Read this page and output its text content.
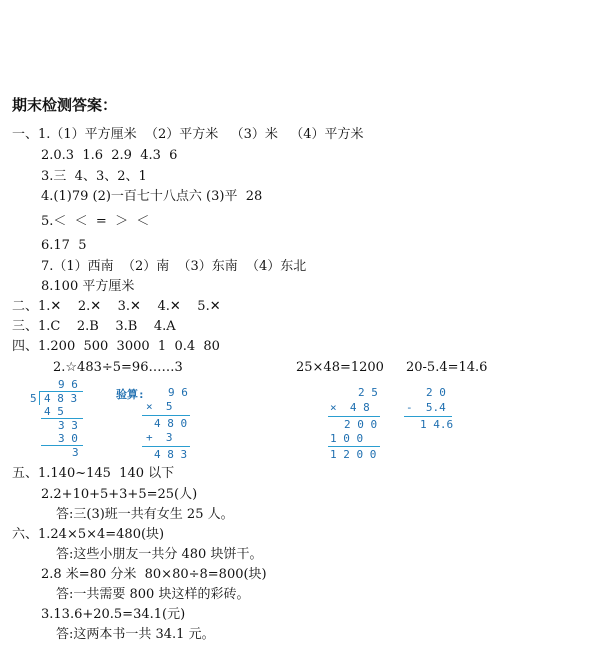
期末检测答案：
一、1.（1）平方厘米  （2）平方米   （3）米   （4）平方米
2.0.3  1.6  2.9  4.3  6
3.三  4、3、2、1
4.(1)79 (2)一百七十八点六 (3)平  28
5.＜  ＜  =  ＞  ＜
6.17  5
7.（1）西南  （2）南  （3）东南  （4）东北
8.100 平方厘米
二、1.✕    2.✕    3.✕    4.✕    5.✕
三、1.C    2.B    3.B    4.A
四、1.200  500  3000  1  0.4  80
2.☆483÷5=96……3	25×48=1200 20-5.4=14.6
9 6
5 4 8 3
4 5
3 3
3 0
3
验算: 9 6
×  5
4 8 0
+  3
4 8 3
2 5
×  4 8
2 0 0
1 0 0
1 2 0 0
2 0
-  5.4
1 4.6
五、1.140~145  140 以下
2.2+10+5+3+5=25(人)
答:三(3)班一共有女生 25 人。
六、1.24×5×4=480(块)
答:这些小朋友一共分 480 块饼干。
2.8 米=80 分米  80×80÷8=800(块)
答:一共需要 800 块这样的彩砖。
3.13.6+20.5=34.1(元)
答:这两本书一共 34.1 元。
